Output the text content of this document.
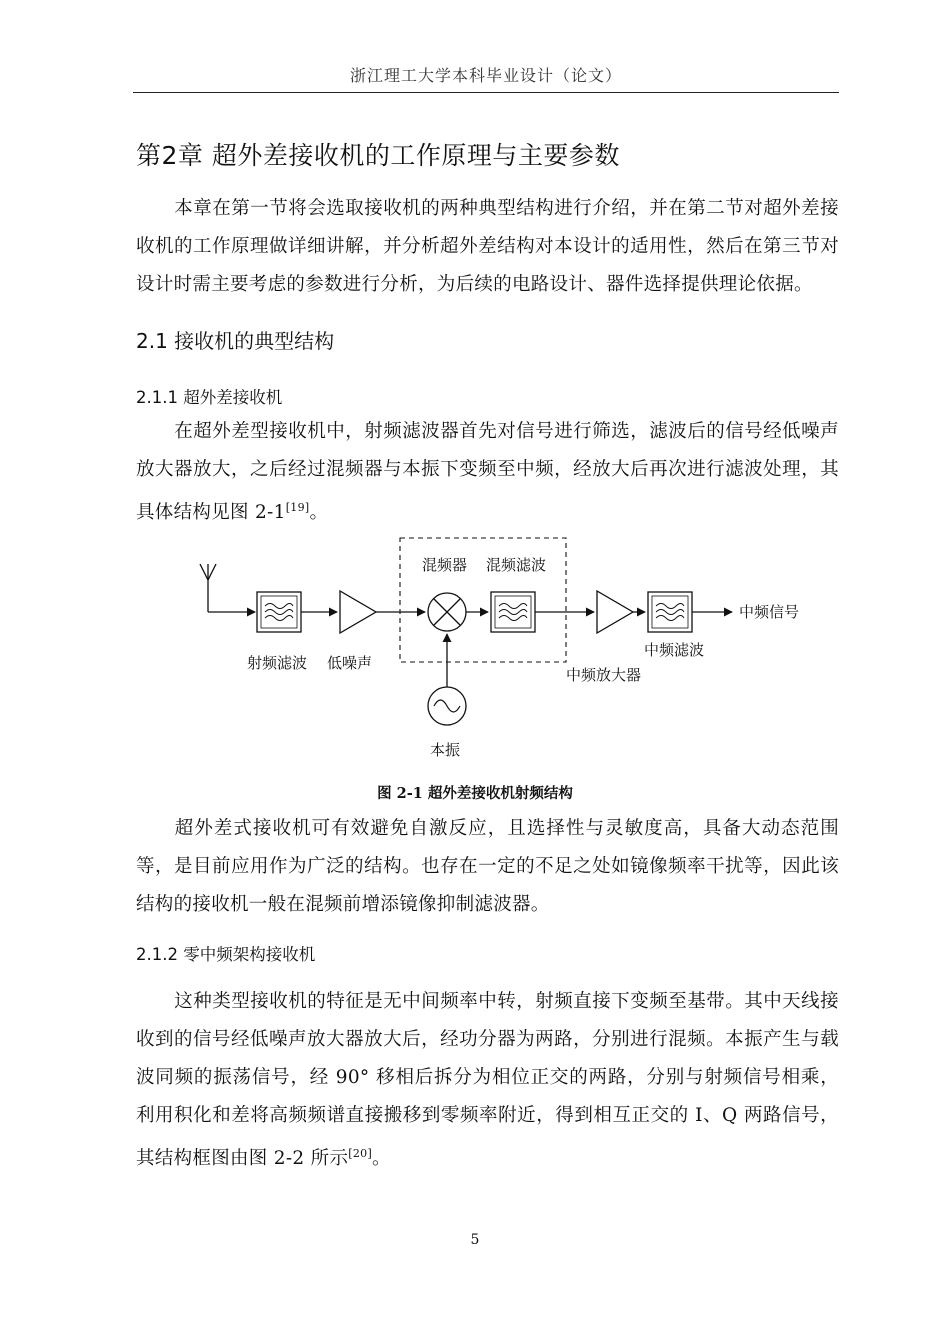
浙江理工大学本科毕业设计（论文）
第2章 超外差接收机的工作原理与主要参数
本章在第一节将会选取接收机的两种典型结构进行介绍，并在第二节对超外差接收机的工作原理做详细讲解，并分析超外差结构对本设计的适用性，然后在第三节对设计时需主要考虑的参数进行分析，为后续的电路设计、器件选择提供理论依据。
2.1 接收机的典型结构
2.1.1 超外差接收机
在超外差型接收机中，射频滤波器首先对信号进行筛选，滤波后的信号经低噪声放大器放大，之后经过混频器与本振下变频至中频，经放大后再次进行滤波处理，其具体结构见图 2-1[19]。
混频器 混频滤波
射频滤波 低噪声
中频滤波
中频放大器
中频信号
本振
图 2-1 超外差接收机射频结构
超外差式接收机可有效避免自激反应，且选择性与灵敏度高，具备大动态范围等，是目前应用作为广泛的结构。也存在一定的不足之处如镜像频率干扰等，因此该结构的接收机一般在混频前增添镜像抑制滤波器。
2.1.2 零中频架构接收机
这种类型接收机的特征是无中间频率中转，射频直接下变频至基带。其中天线接收到的信号经低噪声放大器放大后，经功分器为两路，分别进行混频。本振产生与载波同频的振荡信号，经 90° 移相后拆分为相位正交的两路，分别与射频信号相乘，利用积化和差将高频频谱直接搬移到零频率附近，得到相互正交的 I、Q 两路信号，其结构框图由图 2-2 所示[20]。
5
